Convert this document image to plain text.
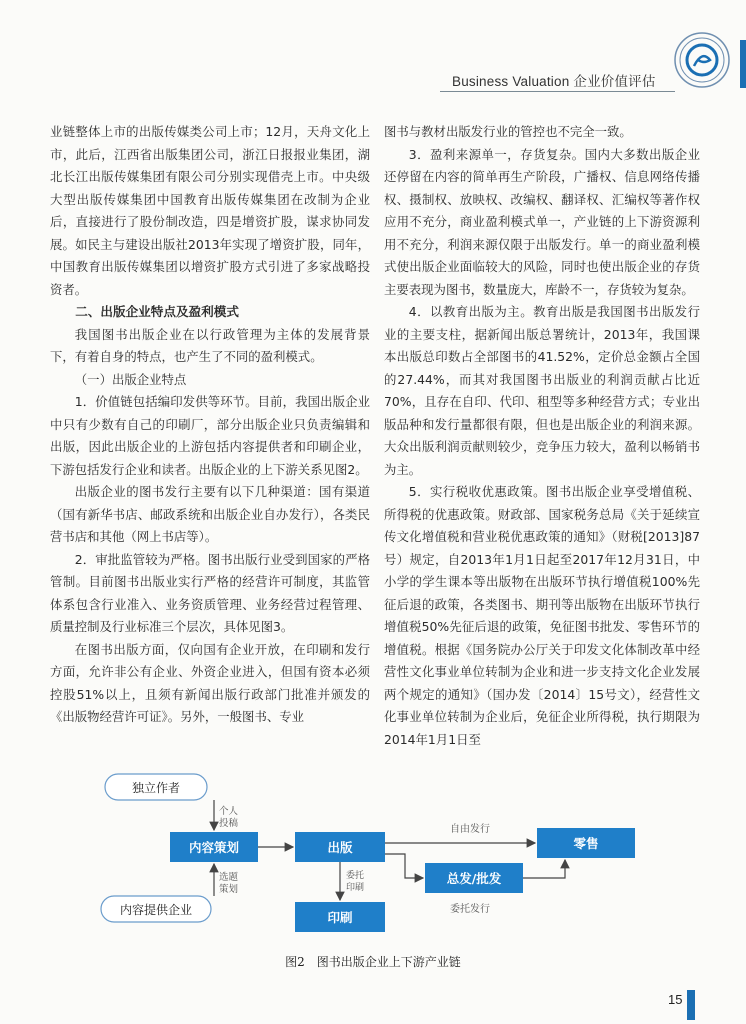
Business Valuation 企业价值评估

业链整体上市的出版传媒类公司上市；12月，天舟文化上市，此后，江西省出版集团公司，浙江日报报业集团，湖北长江出版传媒集团有限公司分别实现借壳上市。中央级大型出版传媒集团中国教育出版传媒集团在改制为企业后，直接进行了股份制改造，四是增资扩股，谋求协同发展。如民主与建设出版社2013年实现了增资扩股，同年，中国教育出版传媒集团以增资扩股方式引进了多家战略投资者。

二、出版企业特点及盈利模式

我国图书出版企业在以行政管理为主体的发展背景下，有着自身的特点，也产生了不同的盈利模式。

（一）出版企业特点

1．价值链包括编印发供等环节。目前，我国出版企业中只有少数有自己的印刷厂，部分出版企业只负责编辑和出版，因此出版企业的上游包括内容提供者和印刷企业，下游包括发行企业和读者。出版企业的上下游关系见图2。

出版企业的图书发行主要有以下几种渠道：国有渠道（国有新华书店、邮政系统和出版企业自办发行），各类民营书店和其他（网上书店等）。

2．审批监管较为严格。图书出版行业受到国家的严格管制。目前图书出版业实行严格的经营许可制度，其监管体系包含行业准入、业务资质管理、业务经营过程管理、质量控制及行业标准三个层次，具体见图3。

在图书出版方面，仅向国有企业开放，在印刷和发行方面，允许非公有企业、外资企业进入，但国有资本必须控股51%以上，且须有新闻出版行政部门批准并颁发的《出版物经营许可证》。另外，一般图书、专业

图书与教材出版发行业的管控也不完全一致。

3．盈利来源单一，存货复杂。国内大多数出版企业还停留在内容的简单再生产阶段，广播权、信息网络传播权、摄制权、放映权、改编权、翻译权、汇编权等著作权应用不充分，商业盈利模式单一，产业链的上下游资源利用不充分，利润来源仅限于出版发行。单一的商业盈利模式使出版企业面临较大的风险，同时也使出版企业的存货主要表现为图书，数量庞大，库龄不一，存货较为复杂。

4．以教育出版为主。教育出版是我国图书出版发行业的主要支柱，据新闻出版总署统计，2013年，我国课本出版总印数占全部图书的41.52%，定价总金额占全国的27.44%，而其对我国图书出版业的利润贡献占比近70%，且存在自印、代印、租型等多种经营方式；专业出版品种和发行量都很有限，但也是出版企业的利润来源。大众出版利润贡献则较少，竞争压力较大，盈利以畅销书为主。

5．实行税收优惠政策。图书出版企业享受增值税、所得税的优惠政策。财政部、国家税务总局《关于延续宣传文化增值税和营业税优惠政策的通知》（财税[2013]87号）规定，自2013年1月1日起至2017年12月31日，中小学的学生课本等出版物在出版环节执行增值税100%先征后退的政策，各类图书、期刊等出版物在出版环节执行增值税50%先征后退的政策，免征图书批发、零售环节的增值税。根据《国务院办公厅关于印发文化体制改革中经营性文化事业单位转制为企业和进一步支持文化企业发展两个规定的通知》（国办发〔2014〕15号文），经营性文化事业单位转制为企业后，免征企业所得税，执行期限为2014年1月1日至

独立作者
内容提供企业
内容策划	出版
印刷
总发/批发
零售
个人
投稿
选题
策划
委托
印刷
自由发行
委托发行
图2　图书出版企业上下游产业链
15
